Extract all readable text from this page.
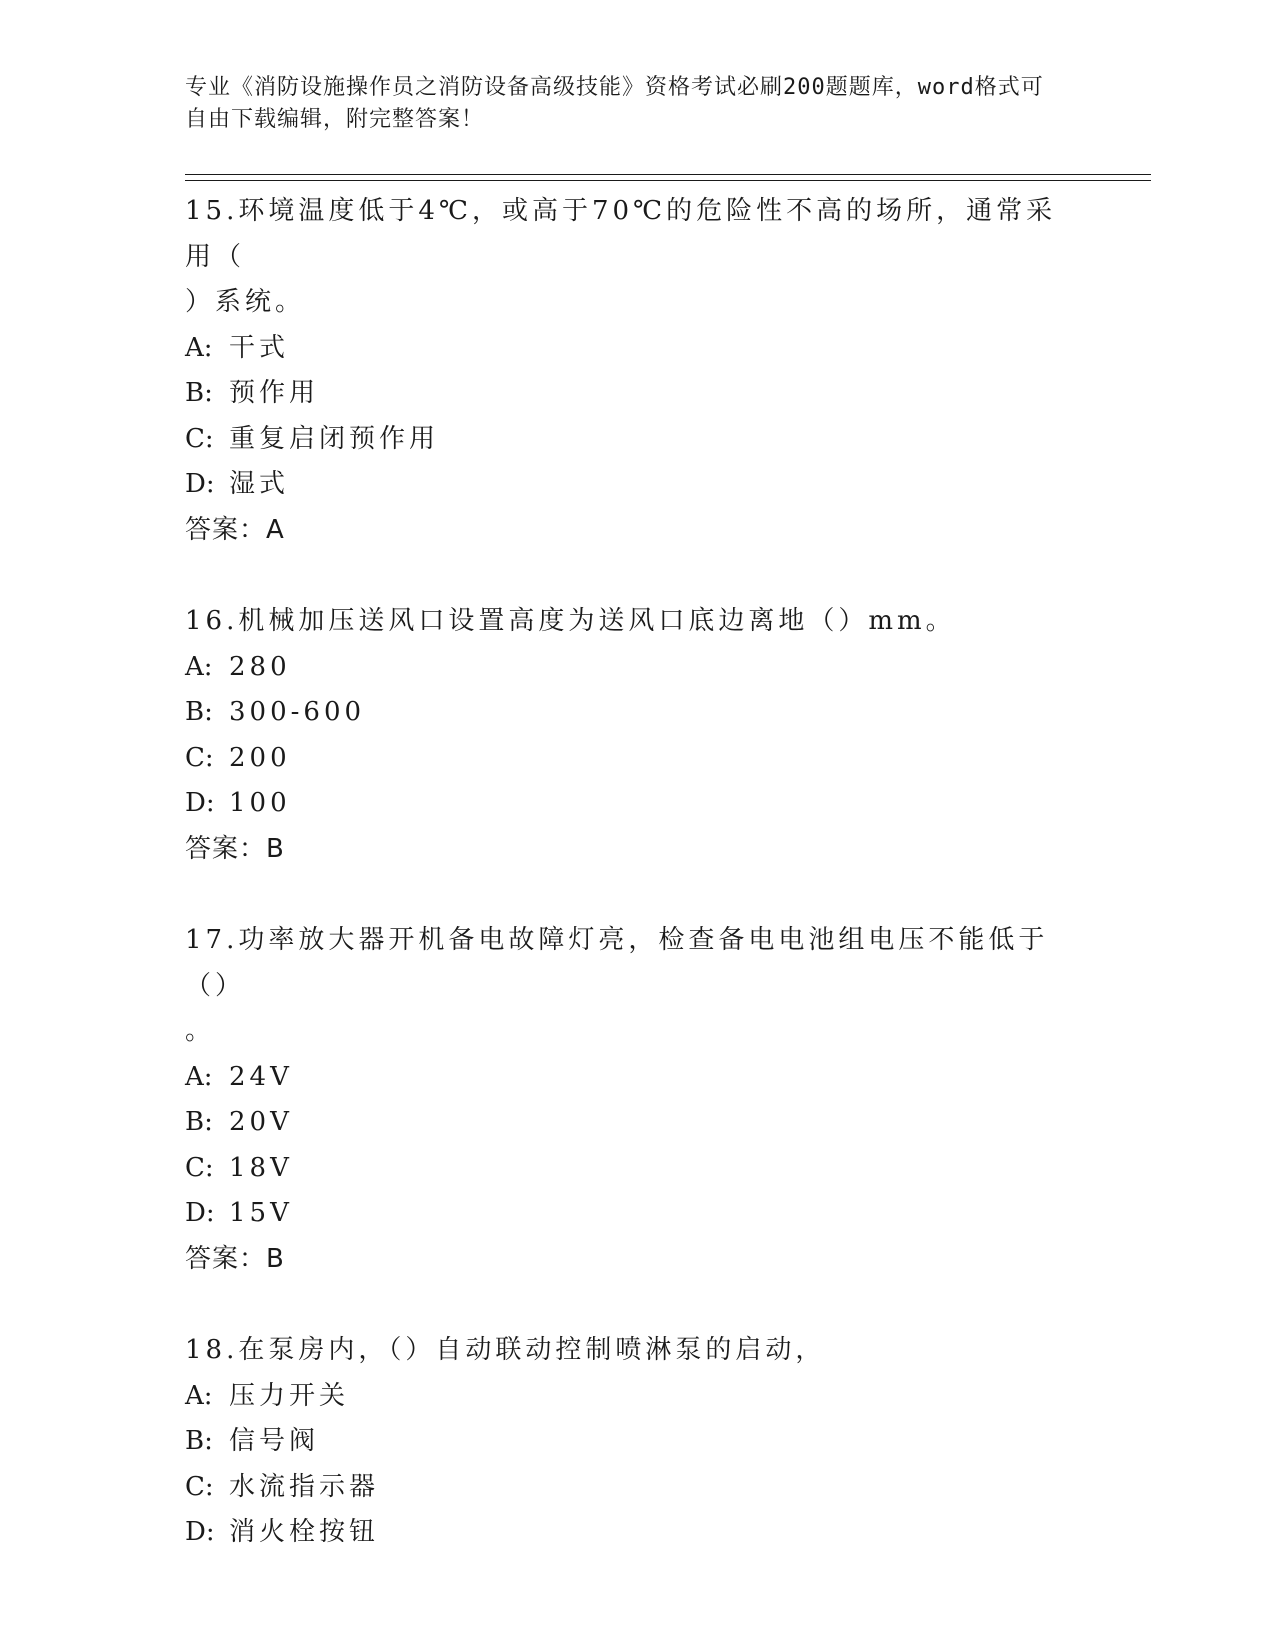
专业《消防设施操作员之消防设备高级技能》资格考试必刷200题题库，word格式可自由下载编辑，附完整答案！
15.环境温度低于4℃，或高于70℃的危险性不高的场所，通常采用（
）系统。
A: 干式
B: 预作用
C: 重复启闭预作用
D: 湿式
答案：A
16.机械加压送风口设置高度为送风口底边离地（）mm。
A: 280
B: 300-600
C: 200
D: 100
答案：B
17.功率放大器开机备电故障灯亮，检查备电电池组电压不能低于（）
。
A: 24V
B: 20V
C: 18V
D: 15V
答案：B
18.在泵房内，（）自动联动控制喷淋泵的启动，
A: 压力开关
B: 信号阀
C: 水流指示器
D: 消火栓按钮
